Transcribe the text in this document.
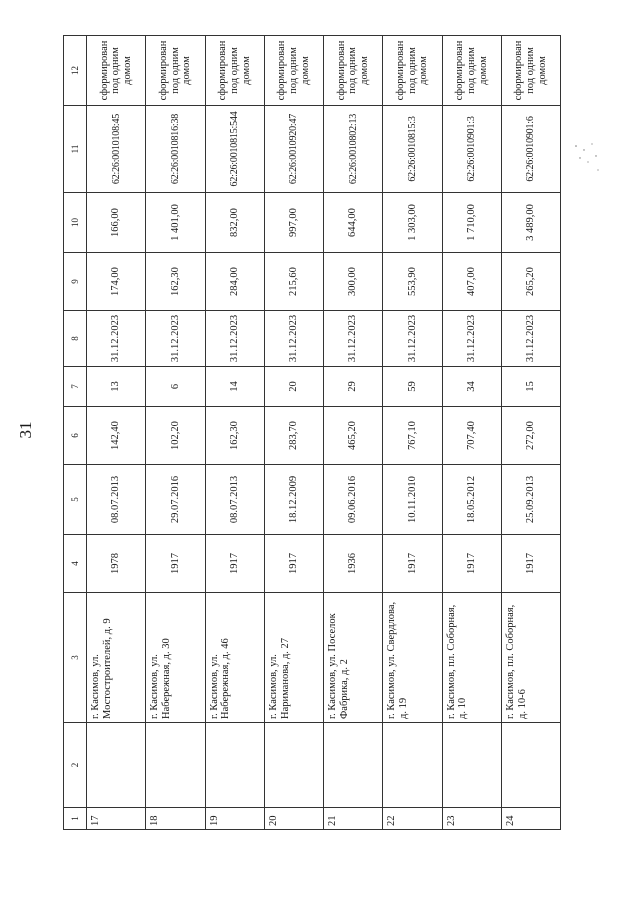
31
1	2	3	4	5	6	7	8	9	10	11	12
17		г. Касимов, ул. Мостостроителей, д. 9	1978	08.07.2013	142,40	13	31.12.2023	174,00	166,00	62:26:0010108:45	сформирован под одним домом
18		г. Касимов, ул. Набережная, д. 30	1917	29.07.2016	102,20	6	31.12.2023	162,30	1 401,00	62:26:0010816:38	сформирован под одним домом
19		г. Касимов, ул. Набережная, д. 46	1917	08.07.2013	162,30	14	31.12.2023	284,00	832,00	62:26:0010815:544	сформирован под одним домом
20		г. Касимов, ул. Нариманова, д. 27	1917	18.12.2009	283,70	20	31.12.2023	215,60	997,00	62:26:0010920:47	сформирован под одним домом
21		г. Касимов, ул. Поселок Фабрика, д. 2	1936	09.06.2016	465,20	29	31.12.2023	300,00	644,00	62:26:0010802:13	сформирован под одним домом
22		г. Касимов, ул. Свердлова, д. 19	1917	10.11.2010	767,10	59	31.12.2023	553,90	1 303,00	62:26:0010815:3	сформирован под одним домом
23		г. Касимов, пл. Соборная, д. 10	1917	18.05.2012	707,40	34	31.12.2023	407,00	1 710,00	62:26:0010901:3	сформирован под одним домом
24		г. Касимов, пл. Соборная, д. 10-6	1917	25.09.2013	272,00	15	31.12.2023	265,20	3 489,00	62:26:0010901:6	сформирован под одним домом
